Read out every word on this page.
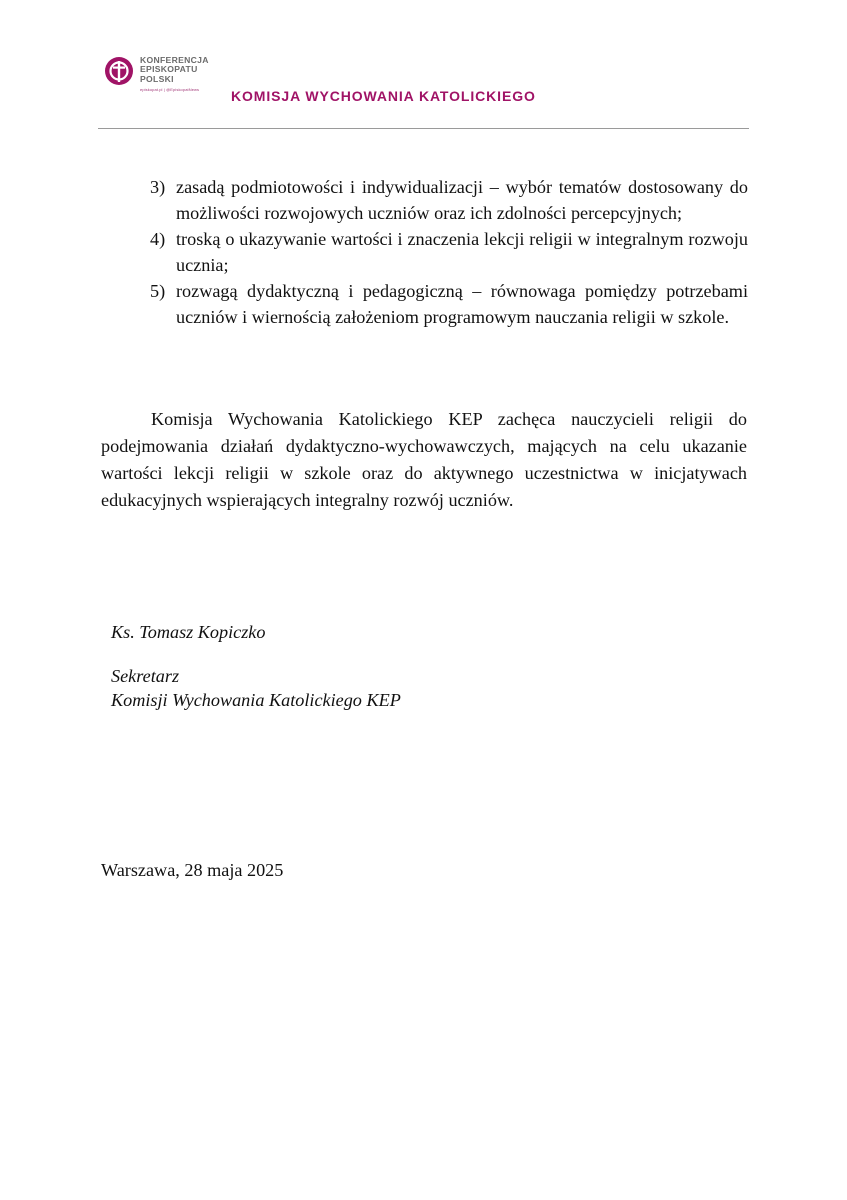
KONFERENCJA
EPISKOPATU
POLSKI
episkopat.pl | @EpiskopatNews KOMISJA WYCHOWANIA KATOLICKIEGO
3) zasadą podmiotowości i indywidualizacji – wybór tematów dostosowany do możliwości rozwojowych uczniów oraz ich zdolności percepcyjnych;
4) troską o ukazywanie wartości i znaczenia lekcji religii w integralnym rozwoju ucznia;
5) rozwagą dydaktyczną i pedagogiczną – równowaga pomiędzy potrzebami uczniów i wiernością założeniom programowym nauczania religii w szkole.

Komisja Wychowania Katolickiego KEP zachęca nauczycieli religii do podejmowania działań dydaktyczno-wychowawczych, mających na celu ukazanie wartości lekcji religii w szkole oraz do aktywnego uczestnictwa w inicjatywach edukacyjnych wspierających integralny rozwój uczniów.

Ks. Tomasz Kopiczko

Sekretarz

Komisji Wychowania Katolickiego KEP

Warszawa, 28 maja 2025
